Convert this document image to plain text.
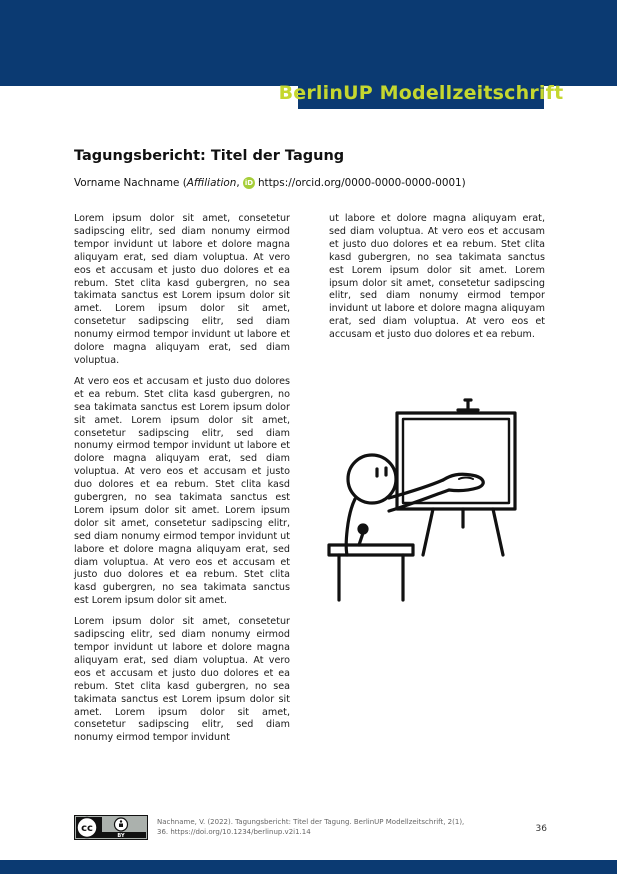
BerlinUP Modellzeitschrift
Tagungsbericht: Titel der Tagung
Vorname Nachname ( Affiliation , iD https://orcid.org/0000-0000-0000-0001 )

Lorem ipsum dolor sit amet, consetetur sadipscing elitr, sed diam nonumy eirmod tempor invidunt ut labore et dolore magna aliquyam erat, sed diam voluptua. At vero eos et accusam et justo duo dolores et ea rebum. Stet clita kasd gubergren, no sea takimata sanctus est Lorem ipsum dolor sit amet. Lorem ipsum dolor sit amet, consetetur sadipscing elitr, sed diam nonumy eirmod tempor invidunt ut labore et dolore magna aliquyam erat, sed diam voluptua.

At vero eos et accusam et justo duo dolores et ea rebum. Stet clita kasd gubergren, no sea takimata sanctus est Lorem ipsum dolor sit amet. Lorem ipsum dolor sit amet, consetetur sadipscing elitr, sed diam nonumy eirmod tempor invidunt ut labore et dolore magna aliquyam erat, sed diam voluptua. At vero eos et accusam et justo duo dolores et ea rebum. Stet clita kasd gubergren, no sea takimata sanctus est Lorem ipsum dolor sit amet. Lorem ipsum dolor sit amet, consetetur sadipscing elitr, sed diam nonumy eirmod tempor invidunt ut labore et dolore magna aliquyam erat, sed diam voluptua. At vero eos et accusam et justo duo dolores et ea rebum. Stet clita kasd gubergren, no sea takimata sanctus est Lorem ipsum dolor sit amet.

Lorem ipsum dolor sit amet, consetetur sadipscing elitr, sed diam nonumy eirmod tempor invidunt ut labore et dolore magna aliquyam erat, sed diam voluptua. At vero eos et accusam et justo duo dolores et ea rebum. Stet clita kasd gubergren, no sea takimata sanctus est Lorem ipsum dolor sit amet. Lorem ipsum dolor sit amet, consetetur sadipscing elitr, sed diam nonumy eirmod tempor invidunt

ut labore et dolore magna aliquyam erat, sed diam voluptua. At vero eos et accusam et justo duo dolores et ea rebum. Stet clita kasd gubergren, no sea takimata sanctus est Lorem ipsum dolor sit amet. Lorem ipsum dolor sit amet, consetetur sadipscing elitr, sed diam nonumy eirmod tempor invidunt ut labore et dolore magna aliquyam erat, sed diam voluptua. At vero eos et accusam et justo duo dolores et ea rebum.

cc
BY
Nachname, V. (2022). Tagungsbericht: Titel der Tagung. BerlinUP Modellzeitschrift, 2(1), 36. https://doi.org/10.1234/berlinup.v2i1.14	36
